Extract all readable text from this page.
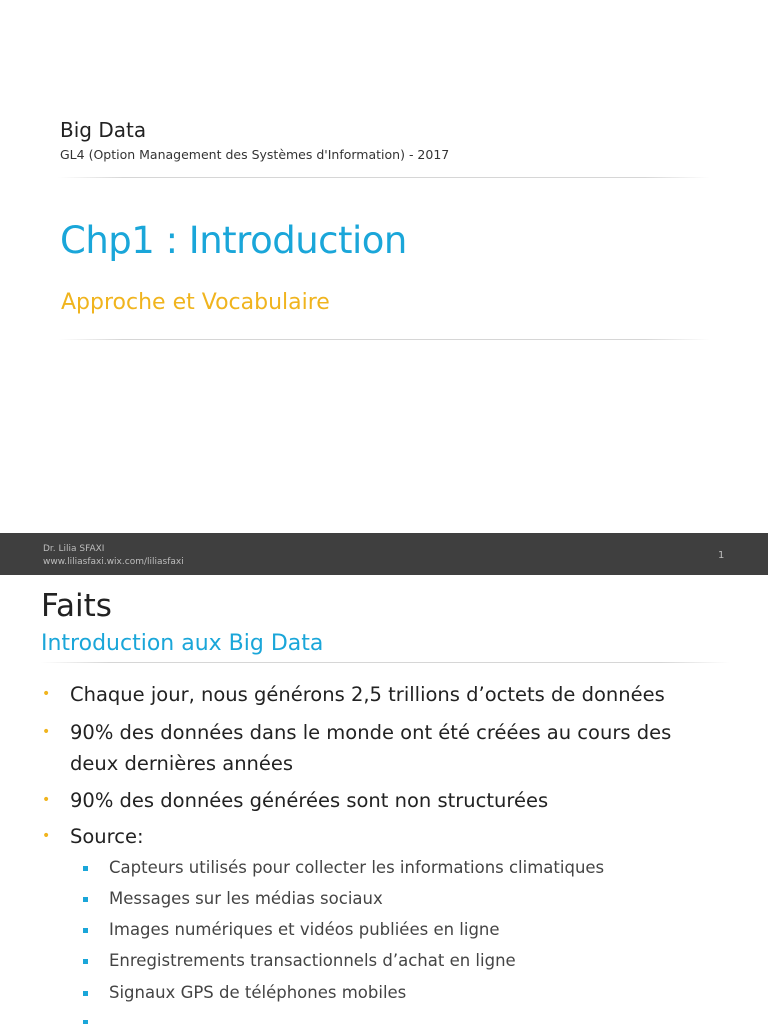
Big Data
GL4 (Option Management des Systèmes d'Information) - 2017
Chp1 : Introduction
Approche et Vocabulaire
Dr. Lilia SFAXI
www.liliasfaxi.wix.com/liliasfaxi
1
Faits
Introduction aux Big Data
• Chaque jour, nous générons 2,5 trillions d’octets de données
• 90% des données dans le monde ont été créées au cours des deux dernières années
• 90% des données générées sont non structurées
• Source:
Capteurs utilisés pour collecter les informations climatiques
Messages sur les médias sociaux
Images numériques et vidéos publiées en ligne
Enregistrements transactionnels d’achat en ligne
Signaux GPS de téléphones mobiles
